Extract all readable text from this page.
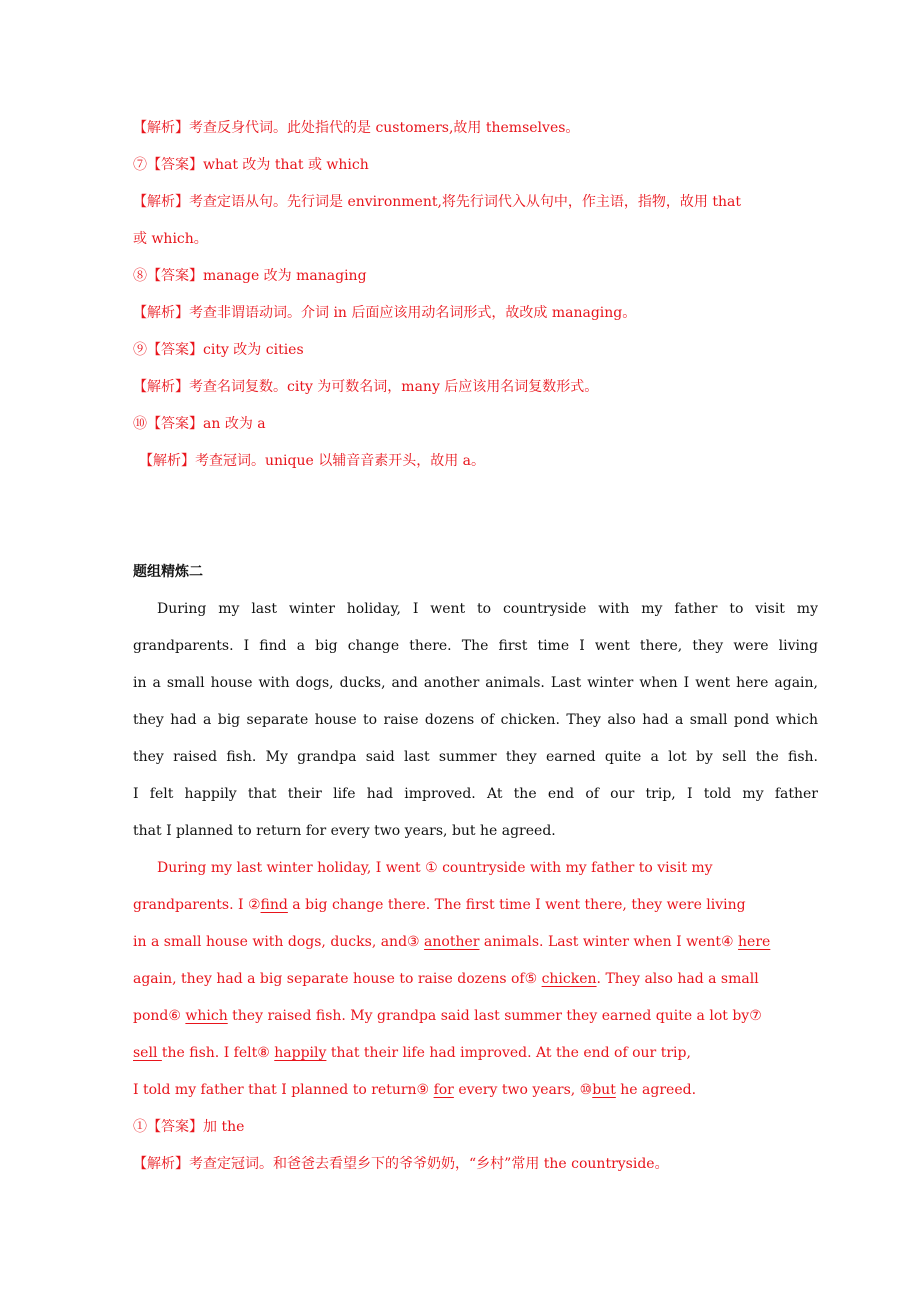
【解析】考查反身代词。此处指代的是 customers,故用 themselves。
⑦【答案】what 改为 that 或 which
【解析】考查定语从句。先行词是 environment,将先行词代入从句中，作主语，指物，故用 that
或 which。
⑧【答案】manage 改为 managing
【解析】考查非谓语动词。介词 in 后面应该用动名词形式，故改成 managing。
⑨【答案】city 改为 cities
【解析】考查名词复数。city 为可数名词，many 后应该用名词复数形式。
⑩【答案】an 改为 a
【解析】考查冠词。unique 以辅音音素开头，故用 a。
题组精炼二
During my last winter holiday, I went to countryside with my father to visit my
grandparents. I find a big change there. The first time I went there, they were living
in a small house with dogs, ducks, and another animals. Last winter when I went here again,
they had a big separate house to raise dozens of chicken. They also had a small pond which
they raised fish. My grandpa said last summer they earned quite a lot by sell the fish.
I felt happily that their life had improved. At the end of our trip, I told my father
that I planned to return for every two years, but he agreed.
During my last winter holiday, I went ① countryside with my father to visit my
grandparents. I ②find a big change there. The first time I went there, they were living
in a small house with dogs, ducks, and③ another animals. Last winter when I went④ here
again, they had a big separate house to raise dozens of⑤ chicken. They also had a small
pond⑥ which they raised fish. My grandpa said last summer they earned quite a lot by⑦
sell the fish. I felt⑧ happily that their life had improved. At the end of our trip,
I told my father that I planned to return⑨ for every two years, ⑩but he agreed.
①【答案】加 the
【解析】考查定冠词。和爸爸去看望乡下的爷爷奶奶，“乡村”常用 the countryside。
